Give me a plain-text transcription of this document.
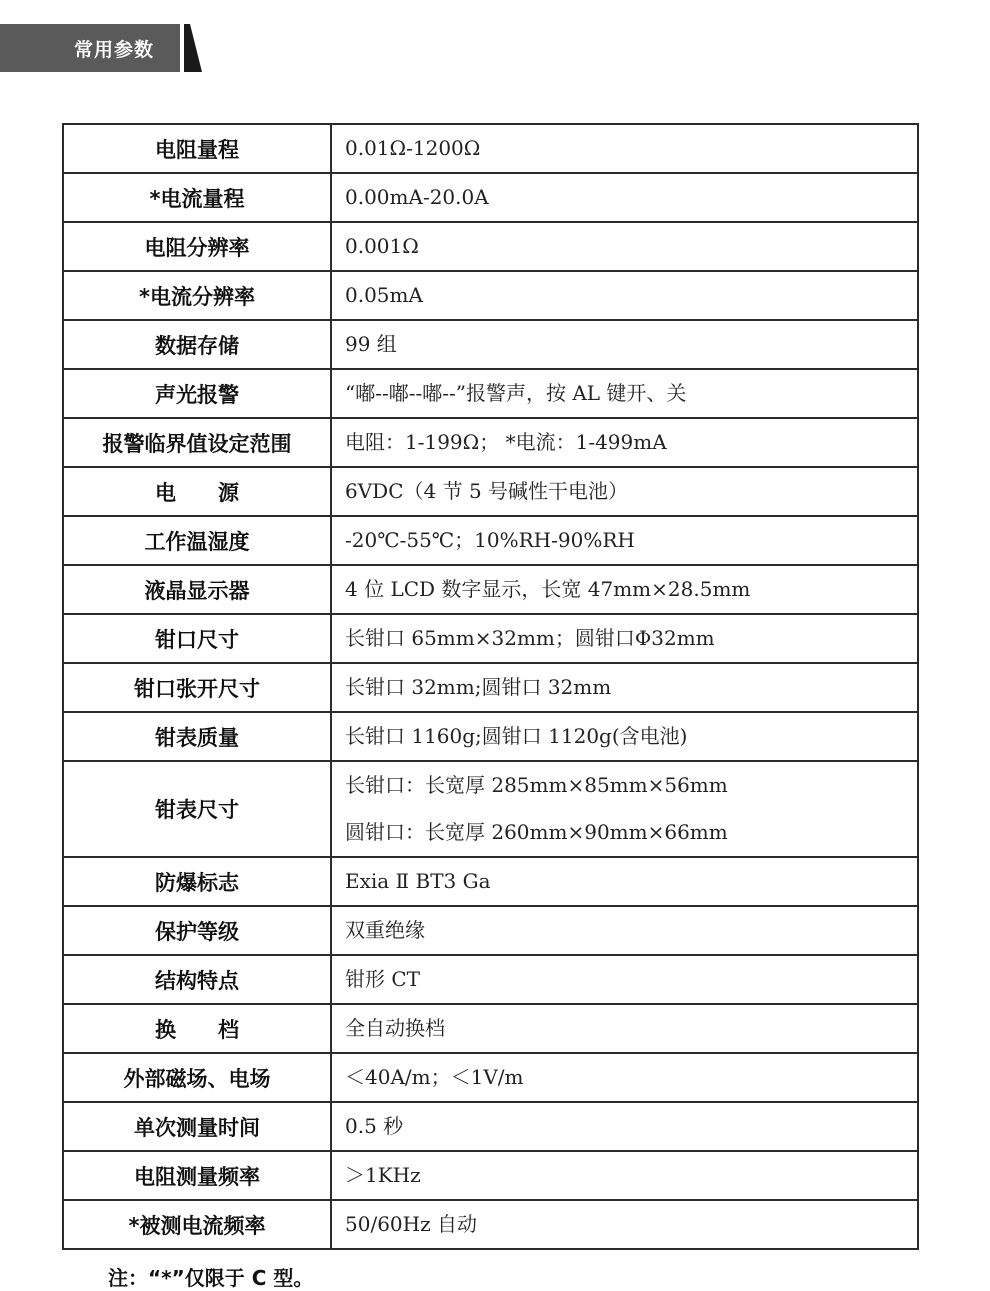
常用参数
电阻量程	0.01Ω-1200Ω

*电流量程	0.00mA-20.0A

电阻分辨率	0.001Ω

*电流分辨率	0.05mA

数据存储	99 组

声光报警	“嘟--嘟--嘟--”报警声，按 AL 键开、关

报警临界值设定范围	电阻：1-199Ω； *电流：1-499mA

电　　源	6VDC（4 节 5 号碱性干电池）

工作温湿度	-20℃-55℃；10%RH-90%RH

液晶显示器	4 位 LCD 数字显示，长宽 47mm×28.5mm

钳口尺寸	长钳口 65mm×32mm；圆钳口Φ32mm

钳口张开尺寸	长钳口 32mm;圆钳口 32mm

钳表质量	长钳口 1160g;圆钳口 1120g(含电池)

钳表尺寸	长钳口：长宽厚 285mm×85mm×56mm
圆钳口：长宽厚 260mm×90mm×66mm

防爆标志	Exia Ⅱ BT3 Ga

保护等级	双重绝缘

结构特点	钳形 CT

换　　档	全自动换档

外部磁场、电场	＜40A/m；＜1V/m

单次测量时间	0.5 秒

电阻测量频率	＞1KHz

*被测电流频率	50/60Hz 自动
注：“*”仅限于 C 型。
